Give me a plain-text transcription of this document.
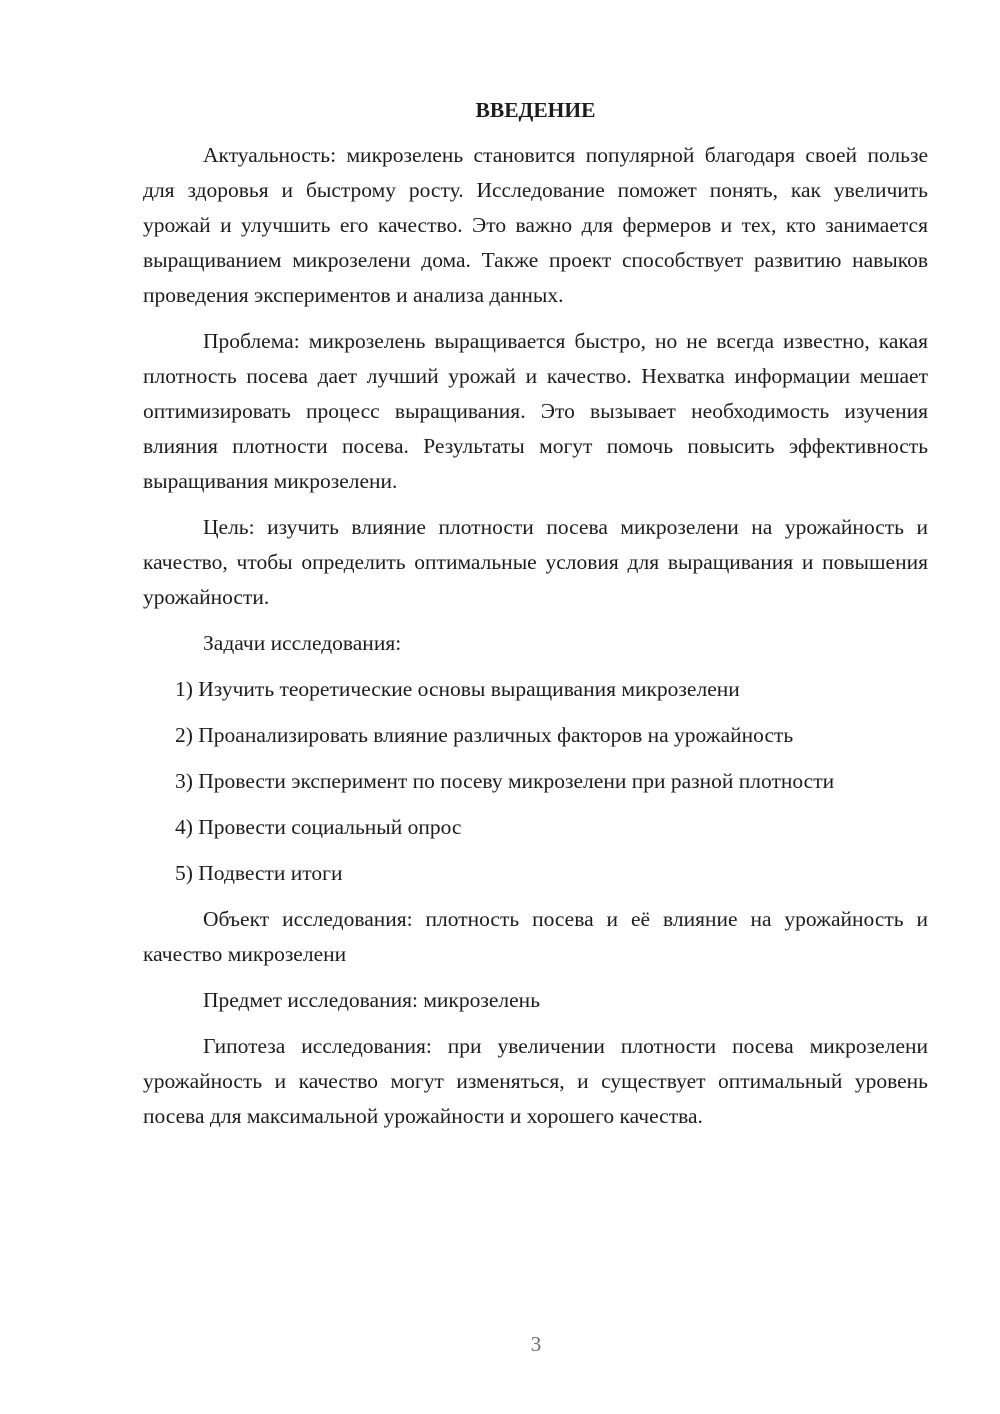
ВВЕДЕНИЕ

Актуальность: микрозелень становится популярной благодаря своей пользе для здоровья и быстрому росту. Исследование поможет понять, как увеличить урожай и улучшить его качество. Это важно для фермеров и тех, кто занимается выращиванием микрозелени дома. Также проект способствует развитию навыков проведения экспериментов и анализа данных.

Проблема: микрозелень выращивается быстро, но не всегда известно, какая плотность посева дает лучший урожай и качество. Нехватка информации мешает оптимизировать процесс выращивания. Это вызывает необходимость изучения влияния плотности посева. Результаты могут помочь повысить эффективность выращивания микрозелени.

Цель: изучить влияние плотности посева микрозелени на урожайность и качество, чтобы определить оптимальные условия для выращивания и повышения урожайности.

Задачи исследования:

1) Изучить теоретические основы выращивания микрозелени

2) Проанализировать влияние различных факторов на урожайность

3) Провести эксперимент по посеву микрозелени при разной плотности

4) Провести социальный опрос

5) Подвести итоги

Объект исследования: плотность посева и её влияние на урожайность и качество микрозелени

Предмет исследования: микрозелень

Гипотеза исследования: при увеличении плотности посева микрозелени урожайность и качество могут изменяться, и существует оптимальный уровень посева для максимальной урожайности и хорошего качества.

3
